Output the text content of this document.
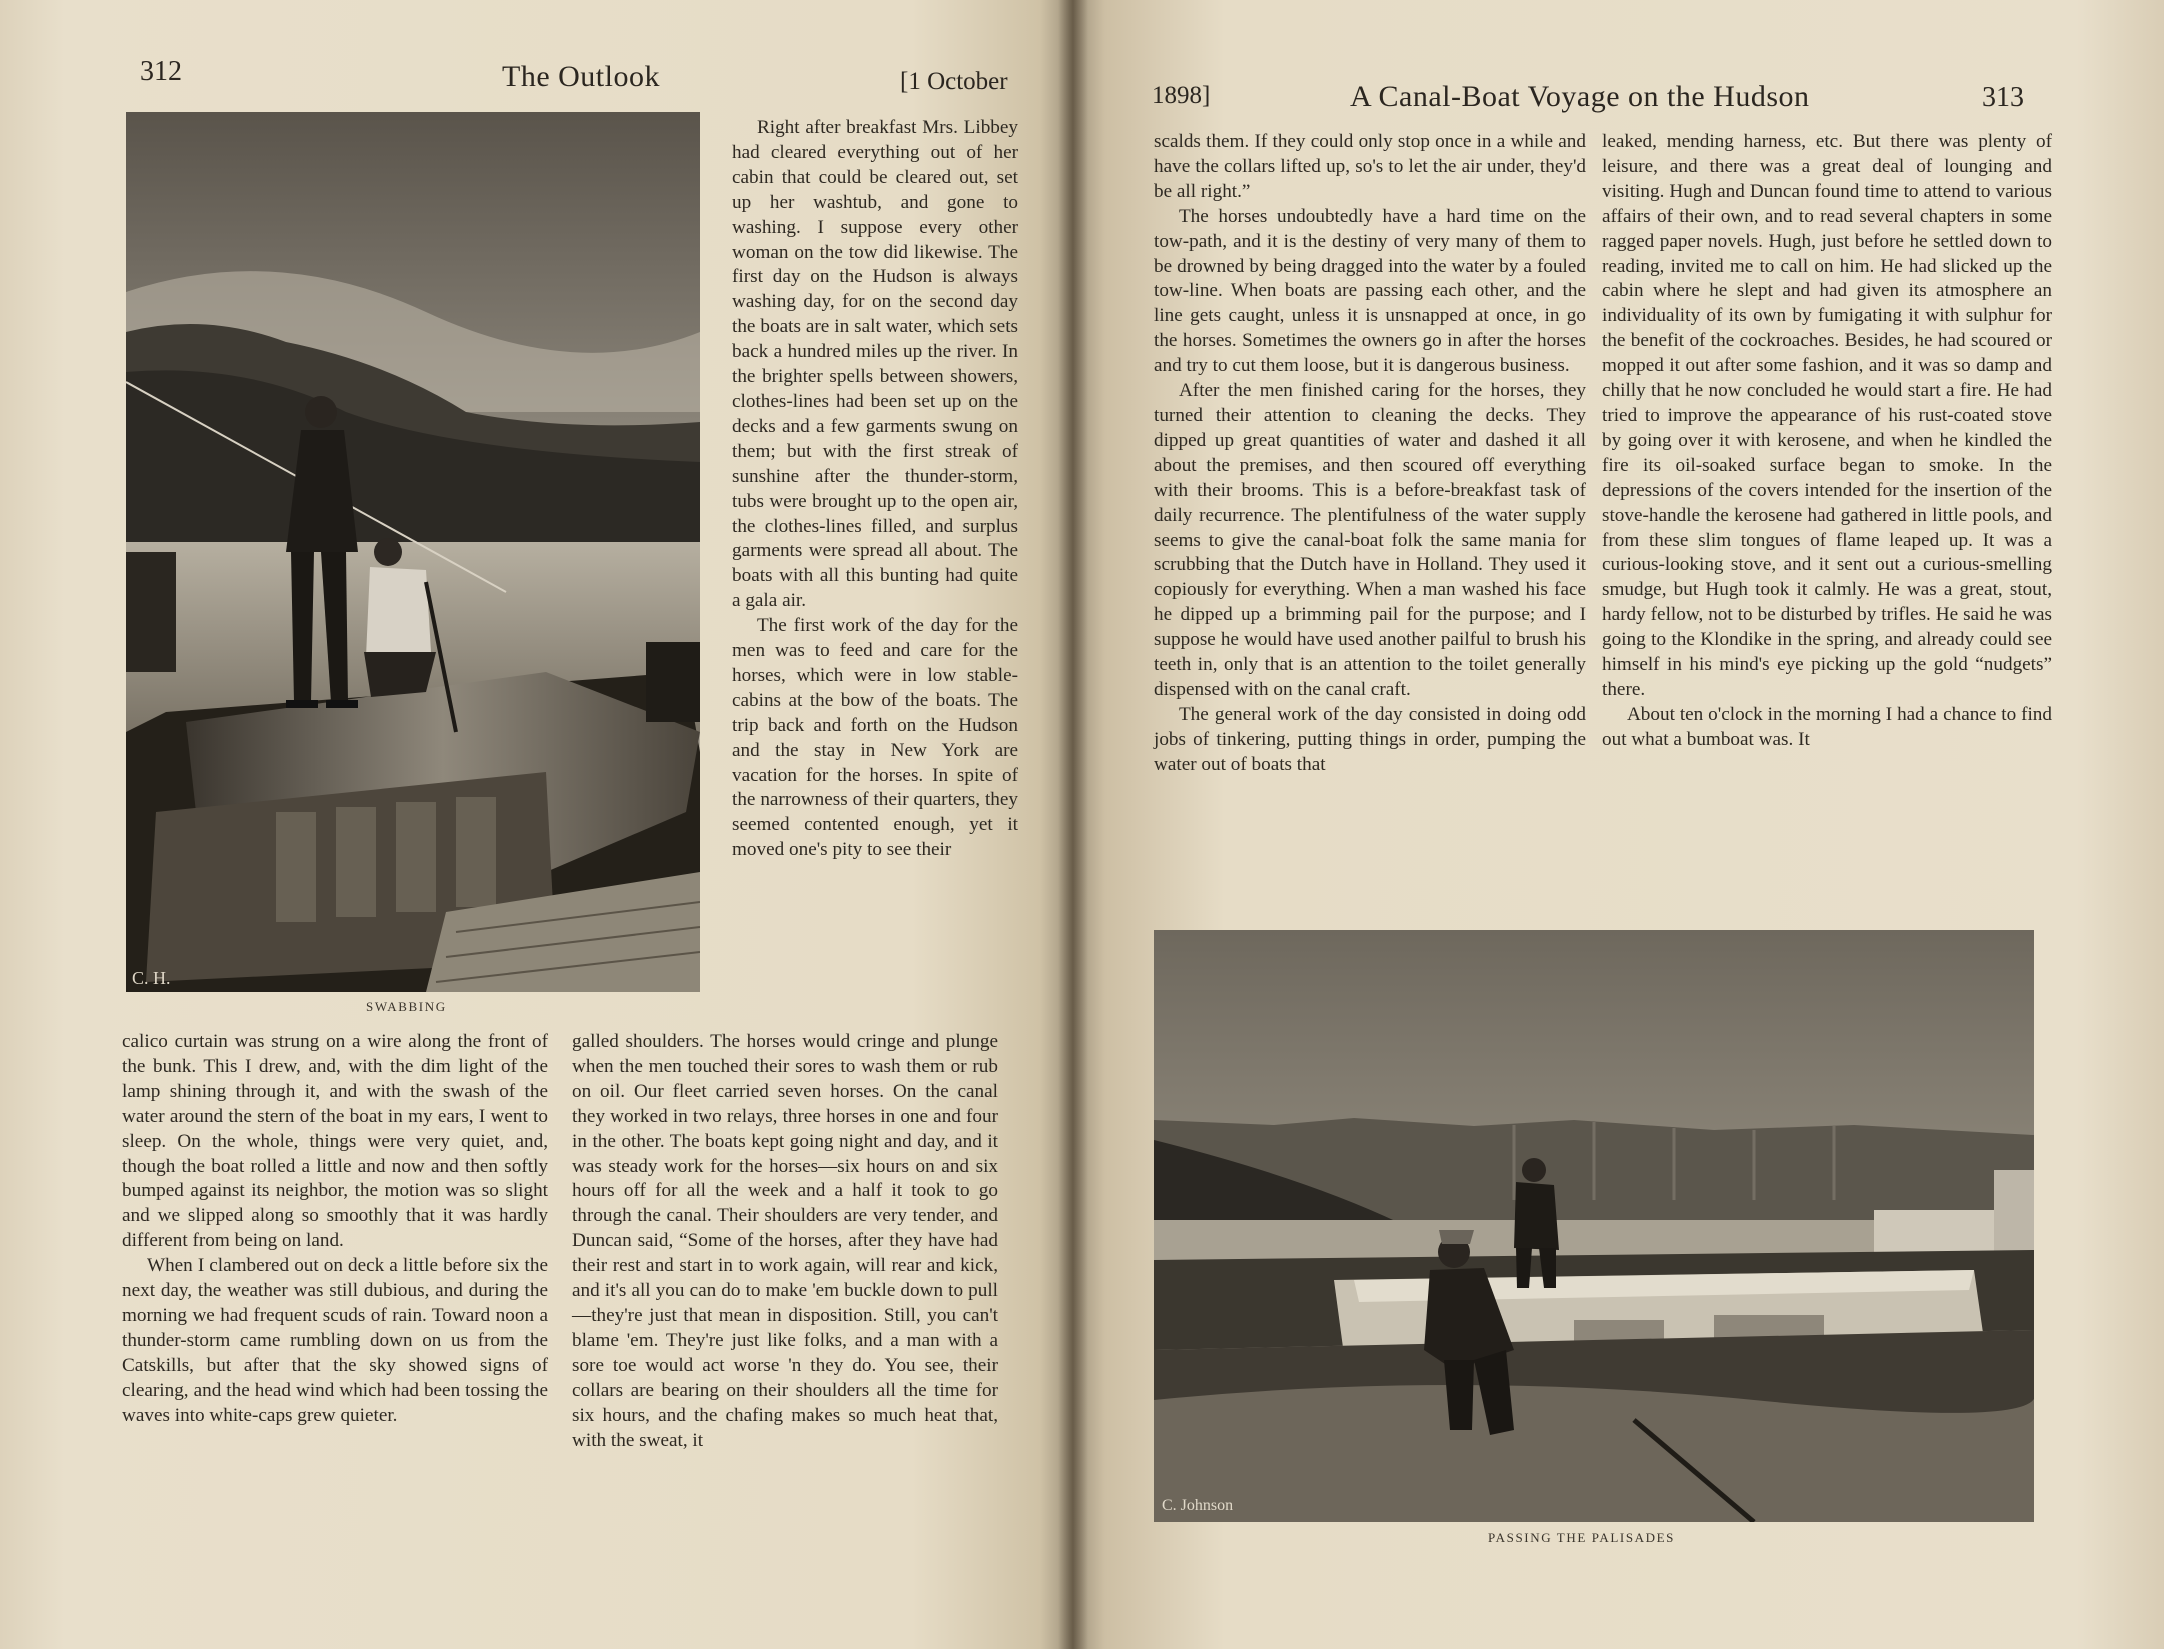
312	The Outlook	[1 October
C. H.
SWABBING

Right after breakfast Mrs. Libbey had cleared everything out of her cabin that could be cleared out, set up her washtub, and gone to washing. I suppose every other woman on the tow did likewise. The first day on the Hudson is always washing day, for on the second day the boats are in salt water, which sets back a hundred miles up the river. In the brighter spells between showers, clothes-lines had been set up on the decks and a few garments swung on them; but with the first streak of sunshine after the thunder-storm, tubs were brought up to the open air, the clothes-lines filled, and surplus garments were spread all about. The boats with all this bunting had quite a gala air.

The first work of the day for the men was to feed and care for the horses, which were in low stable-cabins at the bow of the boats. The trip back and forth on the Hudson and the stay in New York are vacation for the horses. In spite of the narrowness of their quarters, they seemed contented enough, yet it moved one's pity to see their

calico curtain was strung on a wire along the front of the bunk. This I drew, and, with the dim light of the lamp shining through it, and with the swash of the water around the stern of the boat in my ears, I went to sleep. On the whole, things were very quiet, and, though the boat rolled a little and now and then softly bumped against its neighbor, the motion was so slight and we slipped along so smoothly that it was hardly different from being on land.

When I clambered out on deck a little before six the next day, the weather was still dubious, and during the morning we had frequent scuds of rain. Toward noon a thunder-storm came rumbling down on us from the Catskills, but after that the sky showed signs of clearing, and the head wind which had been tossing the waves into white-caps grew quieter.

galled shoulders. The horses would cringe and plunge when the men touched their sores to wash them or rub on oil. Our fleet carried seven horses. On the canal they worked in two relays, three horses in one and four in the other. The boats kept going night and day, and it was steady work for the horses—six hours on and six hours off for all the week and a half it took to go through the canal. Their shoulders are very tender, and Duncan said, “Some of the horses, after they have had their rest and start in to work again, will rear and kick, and it's all you can do to make 'em buckle down to pull—they're just that mean in disposition. Still, you can't blame 'em. They're just like folks, and a man with a sore toe would act worse 'n they do. You see, their collars are bearing on their shoulders all the time for six hours, and the chafing makes so much heat that, with the sweat, it

1898]	A Canal-Boat Voyage on the Hudson	313

scalds them. If they could only stop once in a while and have the collars lifted up, so's to let the air under, they'd be all right.”

The horses undoubtedly have a hard time on the tow-path, and it is the destiny of very many of them to be drowned by being dragged into the water by a fouled tow-line. When boats are passing each other, and the line gets caught, unless it is unsnapped at once, in go the horses. Sometimes the owners go in after the horses and try to cut them loose, but it is dangerous business.

After the men finished caring for the horses, they turned their attention to cleaning the decks. They dipped up great quantities of water and dashed it all about the premises, and then scoured off everything with their brooms. This is a before-breakfast task of daily recurrence. The plentifulness of the water supply seems to give the canal-boat folk the same mania for scrubbing that the Dutch have in Holland. They used it copiously for everything. When a man washed his face he dipped up a brimming pail for the purpose; and I suppose he would have used another pailful to brush his teeth in, only that is an attention to the toilet generally dispensed with on the canal craft.

The general work of the day consisted in doing odd jobs of tinkering, putting things in order, pumping the water out of boats that

leaked, mending harness, etc. But there was plenty of leisure, and there was a great deal of lounging and visiting. Hugh and Duncan found time to attend to various affairs of their own, and to read several chapters in some ragged paper novels. Hugh, just before he settled down to reading, invited me to call on him. He had slicked up the cabin where he slept and had given its atmosphere an individuality of its own by fumigating it with sulphur for the benefit of the cockroaches. Besides, he had scoured or mopped it out after some fashion, and it was so damp and chilly that he now concluded he would start a fire. He had tried to improve the appearance of his rust-coated stove by going over it with kerosene, and when he kindled the fire its oil-soaked surface began to smoke. In the depressions of the covers intended for the insertion of the stove-handle the kerosene had gathered in little pools, and from these slim tongues of flame leaped up. It was a curious-looking stove, and it sent out a curious-smelling smudge, but Hugh took it calmly. He was a great, stout, hardy fellow, not to be disturbed by trifles. He said he was going to the Klondike in the spring, and already could see himself in his mind's eye picking up the gold “nudgets” there.

About ten o'clock in the morning I had a chance to find out what a bumboat was. It

C. Johnson
PASSING THE PALISADES
